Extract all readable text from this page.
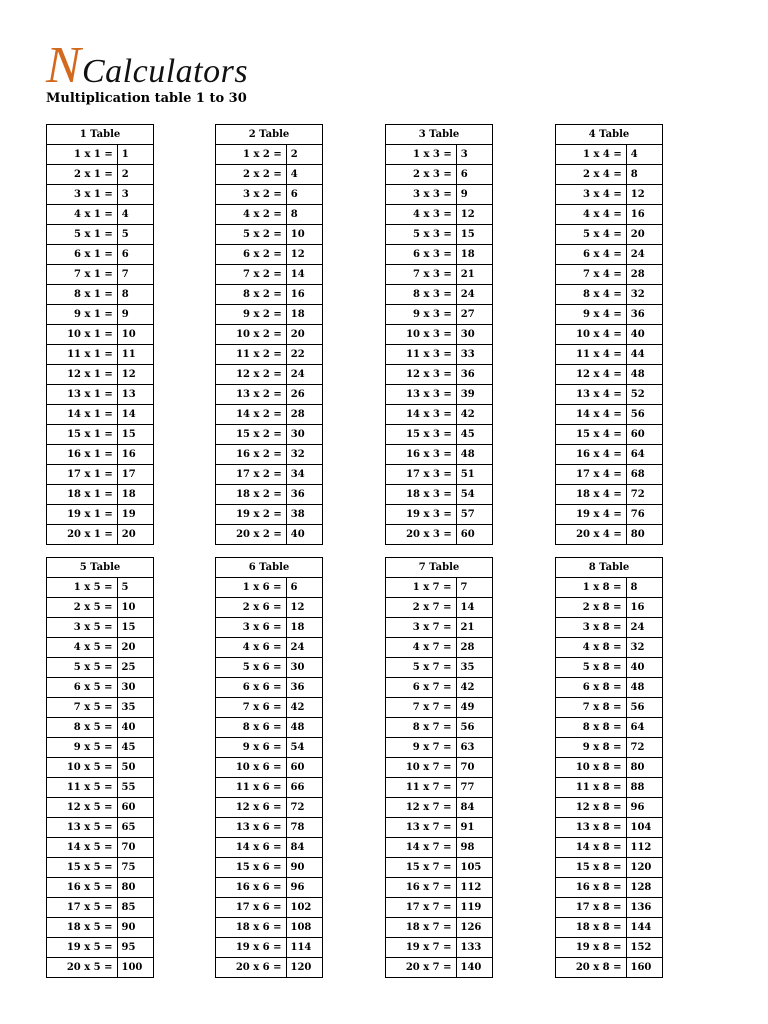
N Calculators
Multiplication table 1 to 30
1 Table	
1 x 1 =	1
2 x 1 =	2
3 x 1 =	3
4 x 1 =	4
5 x 1 =	5
6 x 1 =	6
7 x 1 =	7
8 x 1 =	8
9 x 1 =	9
10 x 1 =	10
11 x 1 =	11
12 x 1 =	12
13 x 1 =	13
14 x 1 =	14
15 x 1 =	15
16 x 1 =	16
17 x 1 =	17
18 x 1 =	18
19 x 1 =	19
20 x 1 =	20
2 Table	
1 x 2 =	2
2 x 2 =	4
3 x 2 =	6
4 x 2 =	8
5 x 2 =	10
6 x 2 =	12
7 x 2 =	14
8 x 2 =	16
9 x 2 =	18
10 x 2 =	20
11 x 2 =	22
12 x 2 =	24
13 x 2 =	26
14 x 2 =	28
15 x 2 =	30
16 x 2 =	32
17 x 2 =	34
18 x 2 =	36
19 x 2 =	38
20 x 2 =	40
3 Table	
1 x 3 =	3
2 x 3 =	6
3 x 3 =	9
4 x 3 =	12
5 x 3 =	15
6 x 3 =	18
7 x 3 =	21
8 x 3 =	24
9 x 3 =	27
10 x 3 =	30
11 x 3 =	33
12 x 3 =	36
13 x 3 =	39
14 x 3 =	42
15 x 3 =	45
16 x 3 =	48
17 x 3 =	51
18 x 3 =	54
19 x 3 =	57
20 x 3 =	60
4 Table	
1 x 4 =	4
2 x 4 =	8
3 x 4 =	12
4 x 4 =	16
5 x 4 =	20
6 x 4 =	24
7 x 4 =	28
8 x 4 =	32
9 x 4 =	36
10 x 4 =	40
11 x 4 =	44
12 x 4 =	48
13 x 4 =	52
14 x 4 =	56
15 x 4 =	60
16 x 4 =	64
17 x 4 =	68
18 x 4 =	72
19 x 4 =	76
20 x 4 =	80
5 Table	
1 x 5 =	5
2 x 5 =	10
3 x 5 =	15
4 x 5 =	20
5 x 5 =	25
6 x 5 =	30
7 x 5 =	35
8 x 5 =	40
9 x 5 =	45
10 x 5 =	50
11 x 5 =	55
12 x 5 =	60
13 x 5 =	65
14 x 5 =	70
15 x 5 =	75
16 x 5 =	80
17 x 5 =	85
18 x 5 =	90
19 x 5 =	95
20 x 5 =	100
6 Table	
1 x 6 =	6
2 x 6 =	12
3 x 6 =	18
4 x 6 =	24
5 x 6 =	30
6 x 6 =	36
7 x 6 =	42
8 x 6 =	48
9 x 6 =	54
10 x 6 =	60
11 x 6 =	66
12 x 6 =	72
13 x 6 =	78
14 x 6 =	84
15 x 6 =	90
16 x 6 =	96
17 x 6 =	102
18 x 6 =	108
19 x 6 =	114
20 x 6 =	120
7 Table	
1 x 7 =	7
2 x 7 =	14
3 x 7 =	21
4 x 7 =	28
5 x 7 =	35
6 x 7 =	42
7 x 7 =	49
8 x 7 =	56
9 x 7 =	63
10 x 7 =	70
11 x 7 =	77
12 x 7 =	84
13 x 7 =	91
14 x 7 =	98
15 x 7 =	105
16 x 7 =	112
17 x 7 =	119
18 x 7 =	126
19 x 7 =	133
20 x 7 =	140
8 Table	
1 x 8 =	8
2 x 8 =	16
3 x 8 =	24
4 x 8 =	32
5 x 8 =	40
6 x 8 =	48
7 x 8 =	56
8 x 8 =	64
9 x 8 =	72
10 x 8 =	80
11 x 8 =	88
12 x 8 =	96
13 x 8 =	104
14 x 8 =	112
15 x 8 =	120
16 x 8 =	128
17 x 8 =	136
18 x 8 =	144
19 x 8 =	152
20 x 8 =	160
